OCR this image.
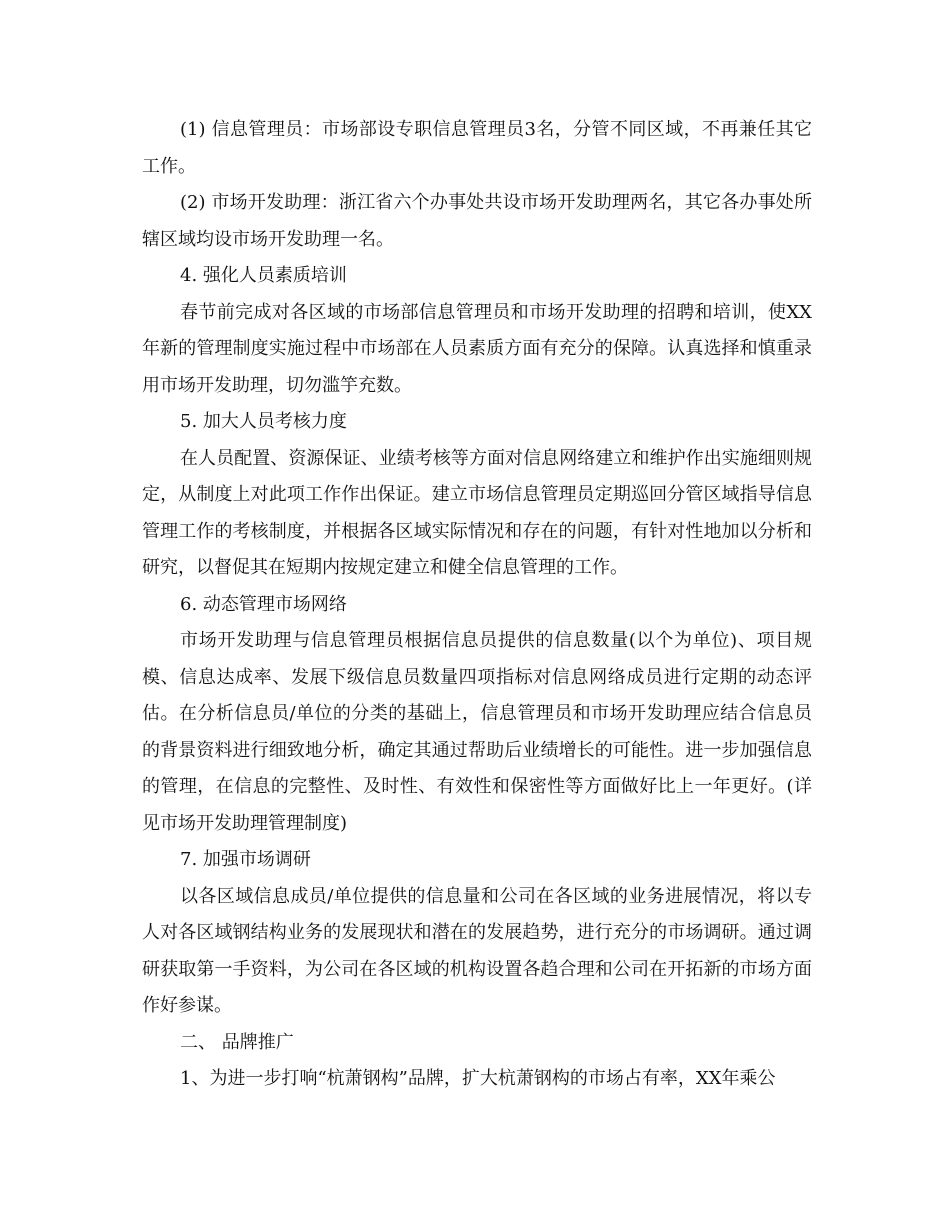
(1) 信息管理员：市场部设专职信息管理员3名，分管不同区域，不再兼任其它工作。

(2) 市场开发助理：浙江省六个办事处共设市场开发助理两名，其它各办事处所辖区域均设市场开发助理一名。

4. 强化人员素质培训

春节前完成对各区域的市场部信息管理员和市场开发助理的招聘和培训，使XX年新的管理制度实施过程中市场部在人员素质方面有充分的保障。认真选择和慎重录用市场开发助理，切勿滥竽充数。

5. 加大人员考核力度

在人员配置、资源保证、业绩考核等方面对信息网络建立和维护作出实施细则规定，从制度上对此项工作作出保证。建立市场信息管理员定期巡回分管区域指导信息管理工作的考核制度，并根据各区域实际情况和存在的问题，有针对性地加以分析和研究，以督促其在短期内按规定建立和健全信息管理的工作。

6. 动态管理市场网络

市场开发助理与信息管理员根据信息员提供的信息数量(以个为单位)、项目规模、信息达成率、发展下级信息员数量四项指标对信息网络成员进行定期的动态评估。在分析信息员/单位的分类的基础上，信息管理员和市场开发助理应结合信息员的背景资料进行细致地分析，确定其通过帮助后业绩增长的可能性。进一步加强信息的管理，在信息的完整性、及时性、有效性和保密性等方面做好比上一年更好。(详见市场开发助理管理制度)

7. 加强市场调研

以各区域信息成员/单位提供的信息量和公司在各区域的业务进展情况，将以专人对各区域钢结构业务的发展现状和潜在的发展趋势，进行充分的市场调研。通过调研获取第一手资料，为公司在各区域的机构设置各趋合理和公司在开拓新的市场方面作好参谋。

二、 品牌推广

1、为进一步打响“杭萧钢构”品牌，扩大杭萧钢构的市场占有率，XX年乘公
